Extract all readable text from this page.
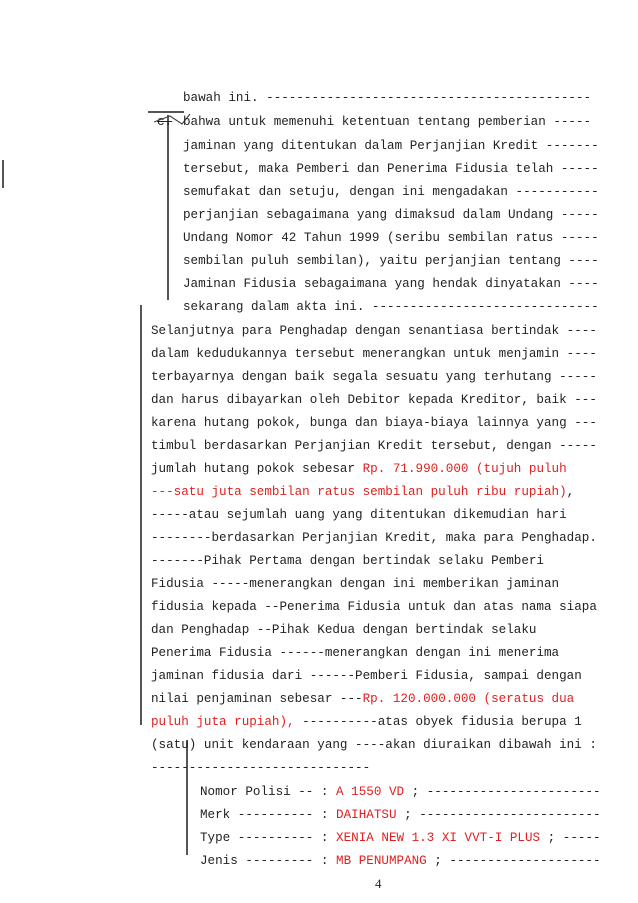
c.
bawah ini. -------------------------------------------
bahwa untuk memenuhi ketentuan tentang pemberian -----
jaminan yang ditentukan dalam Perjanjian Kredit -------
tersebut, maka Pemberi dan Penerima Fidusia telah -----
semufakat dan setuju, dengan ini mengadakan -----------
perjanjian sebagaimana yang dimaksud dalam Undang -----
Undang Nomor 42 Tahun 1999 (seribu sembilan ratus -----
sembilan puluh sembilan), yaitu perjanjian tentang ----
Jaminan Fidusia sebagaimana yang hendak dinyatakan ----
sekarang dalam akta ini. ------------------------------
Selanjutnya para Penghadap dengan senantiasa bertindak ----
dalam kedudukannya tersebut menerangkan untuk menjamin ----
terbayarnya dengan baik segala sesuatu yang terhutang -----
dan harus dibayarkan oleh Debitor kepada Kreditor, baik ---
karena hutang pokok, bunga dan biaya-biaya lainnya yang ---
timbul berdasarkan Perjanjian Kredit tersebut, dengan -----
jumlah hutang pokok sebesar Rp. 71.990.000 (tujuh puluh
---satu juta sembilan ratus sembilan puluh ribu rupiah),
-----atau sejumlah uang yang ditentukan dikemudian hari
--------berdasarkan Perjanjian Kredit, maka para Penghadap.
-------Pihak Pertama dengan bertindak selaku Pemberi
Fidusia -----menerangkan dengan ini memberikan jaminan
fidusia kepada --Penerima Fidusia untuk dan atas nama siapa
dan Penghadap --Pihak Kedua dengan bertindak selaku
Penerima Fidusia ------menerangkan dengan ini menerima
jaminan fidusia dari ------Pemberi Fidusia, sampai dengan
nilai penjaminan sebesar ---Rp. 120.000.000 (seratus dua
puluh juta rupiah), ----------atas obyek fidusia berupa 1
(satu) unit kendaraan yang ----akan diuraikan dibawah ini :
-----------------------------
Nomor Polisi -- : A 1550 VD ; -----------------------
Merk ---------- : DAIHATSU ; ------------------------
Type ---------- : XENIA NEW 1.3 XI VVT-I PLUS ; -----
Jenis --------- : MB PENUMPANG ; --------------------
4
